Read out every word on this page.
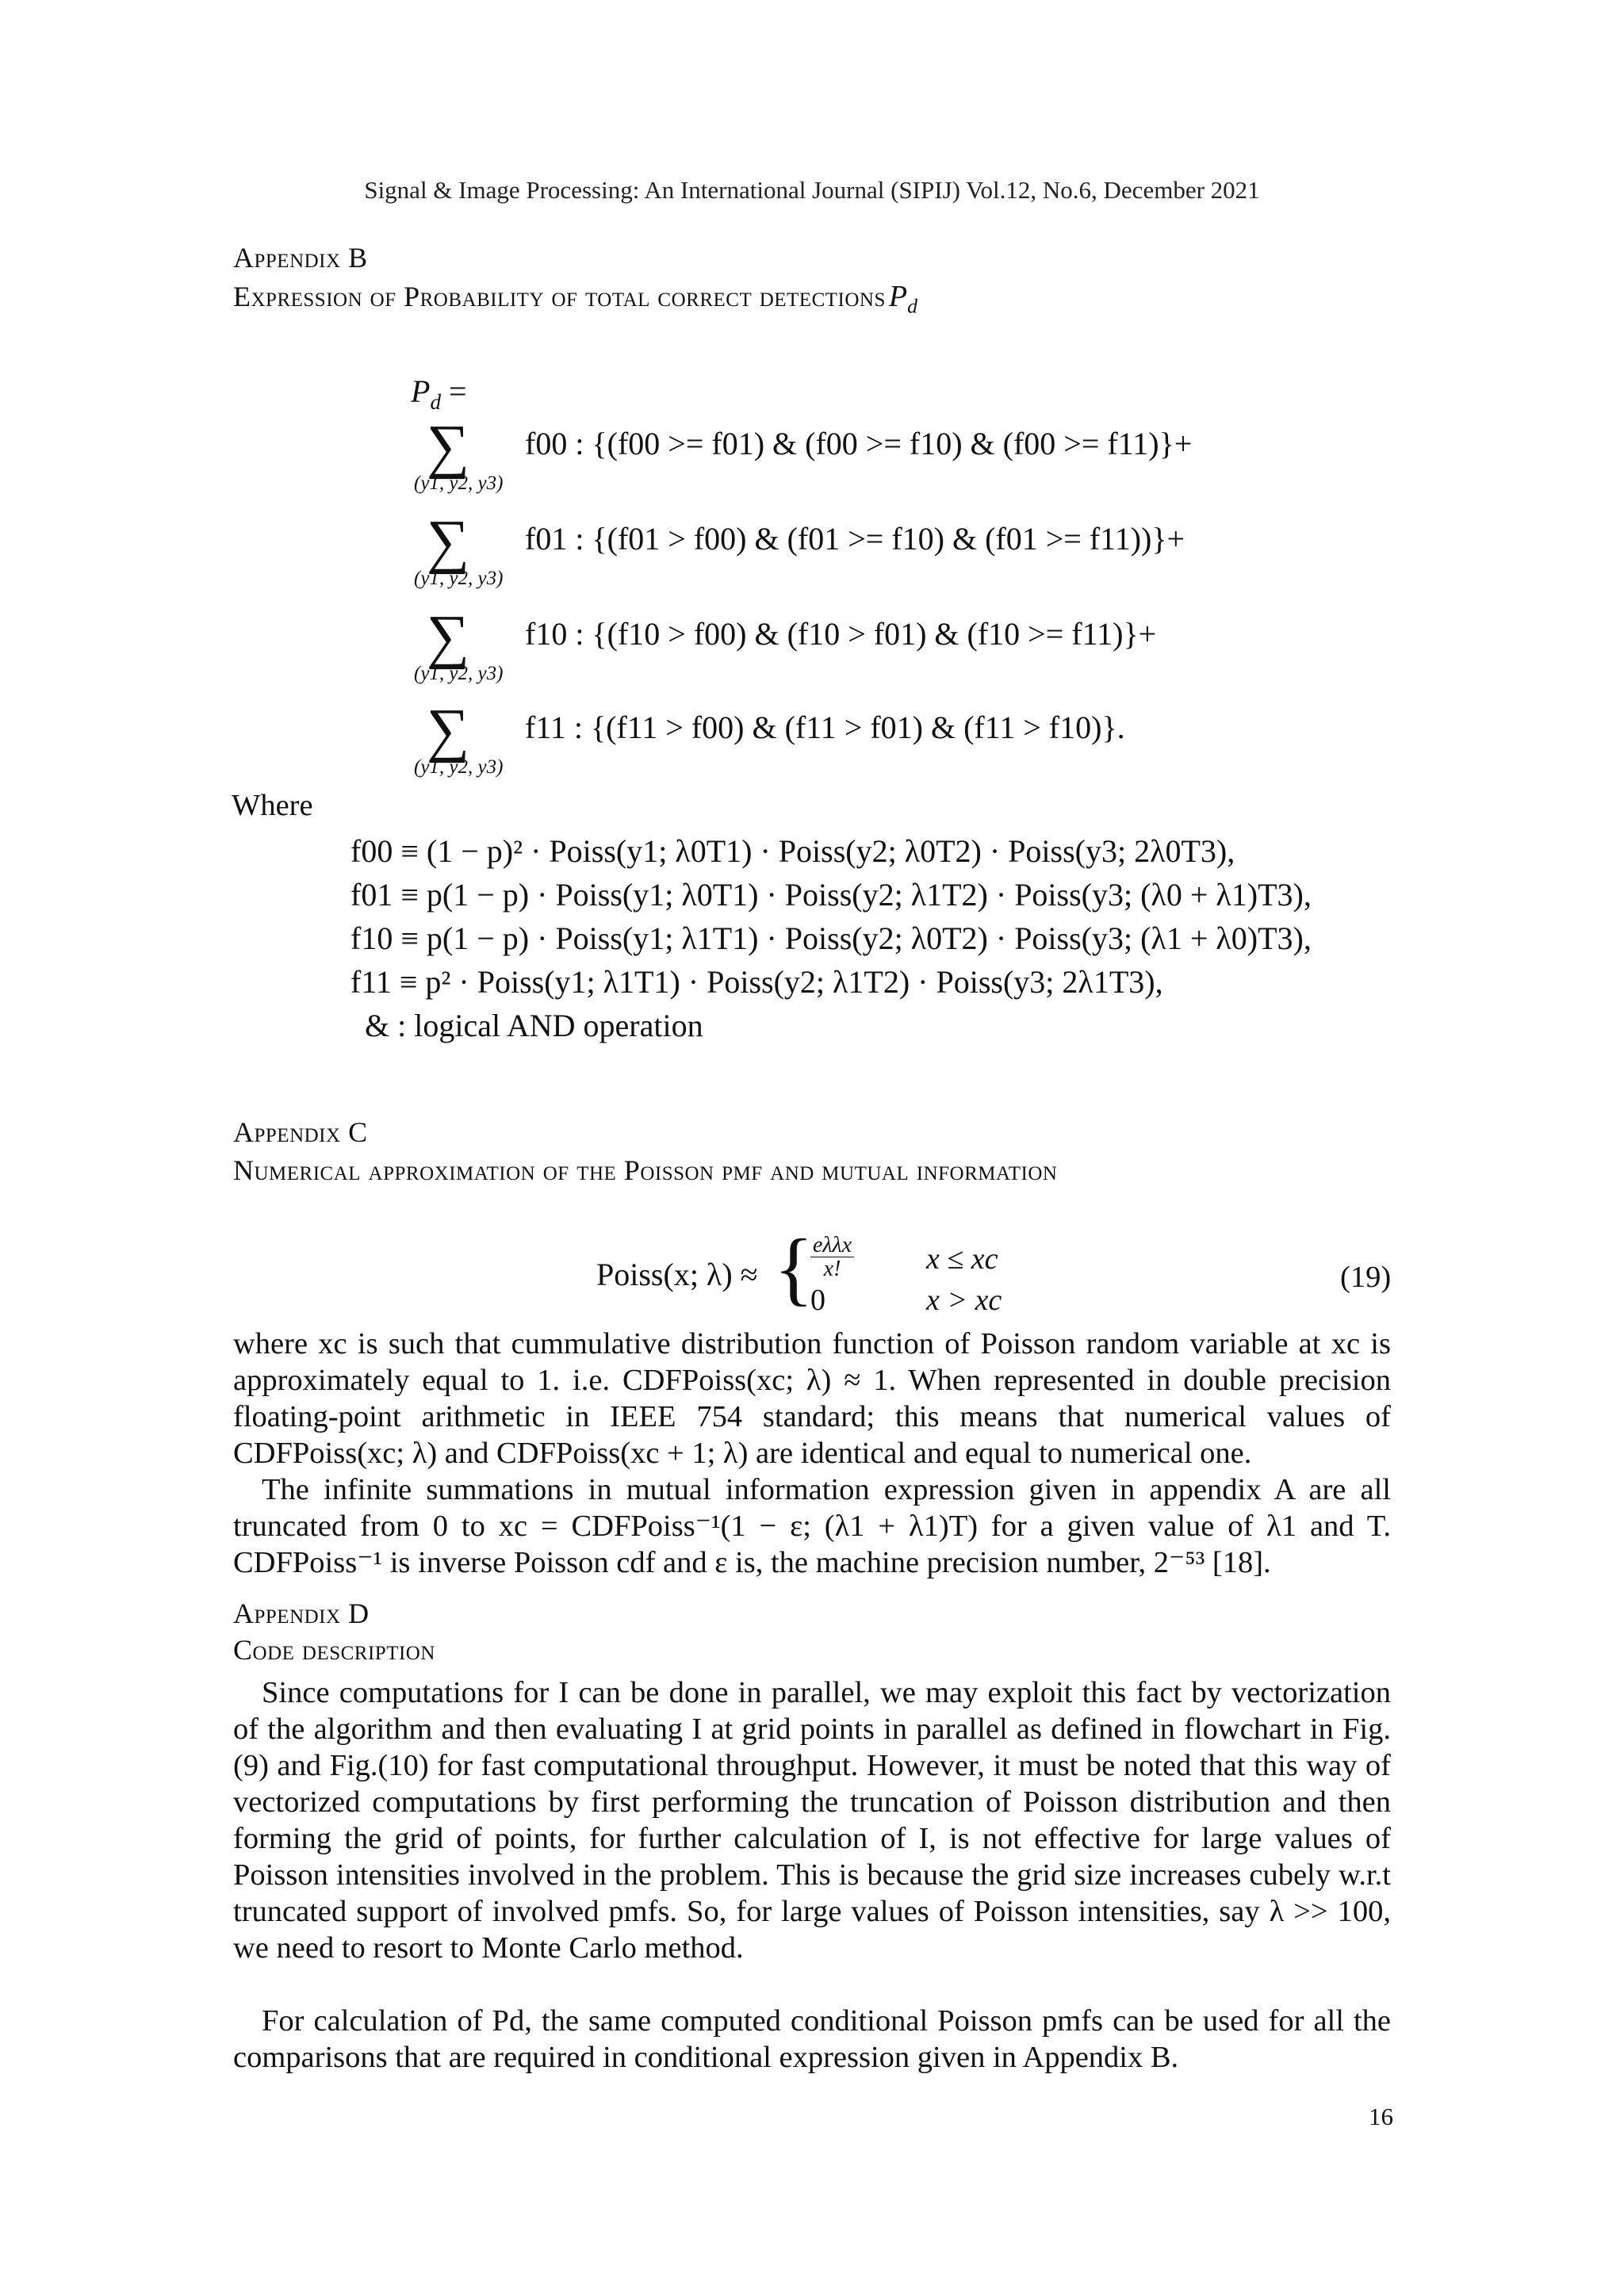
Signal & Image Processing: An International Journal (SIPIJ) Vol.12, No.6, December 2021
Appendix B
Expression of Probability of total correct detections $P_d$
$P_d$ =
∑
(y1, y2, y3)
f00 : {(f00 >= f01) & (f00 >= f10) & (f00 >= f11)}+
∑
(y1, y2, y3)
f01 : {(f01 > f00) & (f01 >= f10) & (f01 >= f11))}+
∑
(y1, y2, y3)
f10 : {(f10 > f00) & (f10 > f01) & (f10 >= f11)}+
∑
(y1, y2, y3)
f11 : {(f11 > f00) & (f11 > f01) & (f11 > f10)}.
Where
f00 ≡ (1 − p)² · Poiss(y1; λ0T1) · Poiss(y2; λ0T2) · Poiss(y3; 2λ0T3),
f01 ≡ p(1 − p) · Poiss(y1; λ0T1) · Poiss(y2; λ1T2) · Poiss(y3; (λ0 + λ1)T3),
f10 ≡ p(1 − p) · Poiss(y1; λ1T1) · Poiss(y2; λ0T2) · Poiss(y3; (λ1 + λ0)T3),
f11 ≡ p² · Poiss(y1; λ1T1) · Poiss(y2; λ1T2) · Poiss(y3; 2λ1T3),
& : logical AND operation
Appendix C
Numerical approximation of the Poisson pmf and mutual information
Poiss(x; λ) ≈ {
$\frac{\text{eλλx}}{x!}$ x ≤ xc
0	x > xc
(19)
where xc is such that cummulative distribution function of Poisson random variable at xc is approximately equal to 1. i.e. CDFPoiss(xc; λ) ≈ 1. When represented in double precision floating-point arithmetic in IEEE 754 standard; this means that numerical values of CDFPoiss(xc; λ) and CDFPoiss(xc + 1; λ) are identical and equal to numerical one.
The infinite summations in mutual information expression given in appendix A are all truncated from 0 to xc = CDFPoiss⁻¹(1 − ε; (λ1 + λ1)T) for a given value of λ1 and T. CDFPoiss⁻¹ is inverse Poisson cdf and ε is, the machine precision number, 2⁻⁵³ [18].
Appendix D
Code description
Since computations for I can be done in parallel, we may exploit this fact by vectorization of the algorithm and then evaluating I at grid points in parallel as defined in flowchart in Fig.(9) and Fig.(10) for fast computational throughput. However, it must be noted that this way of vectorized computations by first performing the truncation of Poisson distribution and then forming the grid of points, for further calculation of I, is not effective for large values of Poisson intensities involved in the problem. This is because the grid size increases cubely w.r.t truncated support of involved pmfs. So, for large values of Poisson intensities, say λ >> 100, we need to resort to Monte Carlo method.
For calculation of Pd, the same computed conditional Poisson pmfs can be used for all the comparisons that are required in conditional expression given in Appendix B.
16
